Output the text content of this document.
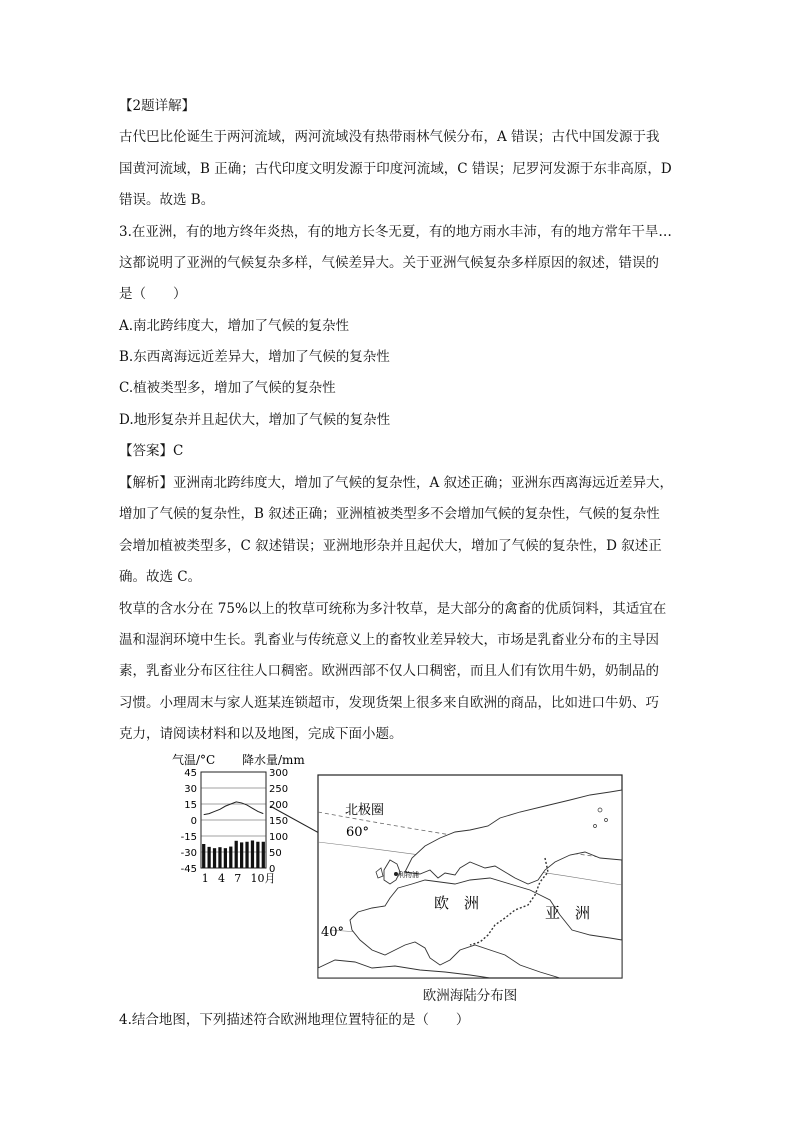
【2题详解】
古代巴比伦诞生于两河流域，两河流域没有热带雨林气候分布，A 错误；古代中国发源于我
国黄河流域，B 正确；古代印度文明发源于印度河流域，C 错误；尼罗河发源于东非高原，D
错误。故选 B。
3.在亚洲，有的地方终年炎热，有的地方长冬无夏，有的地方雨水丰沛，有的地方常年干旱…
这都说明了亚洲的气候复杂多样，气候差异大。关于亚洲气候复杂多样原因的叙述，错误的
是（　　）
A.南北跨纬度大，增加了气候的复杂性
B.东西离海远近差异大，增加了气候的复杂性
C.植被类型多，增加了气候的复杂性
D.地形复杂并且起伏大，增加了气候的复杂性
【答案】C
【解析】亚洲南北跨纬度大，增加了气候的复杂性，A 叙述正确；亚洲东西离海远近差异大，
增加了气候的复杂性，B 叙述正确；亚洲植被类型多不会增加气候的复杂性，气候的复杂性
会增加植被类型多，C 叙述错误；亚洲地形杂并且起伏大，增加了气候的复杂性，D 叙述正
确。故选 C。
牧草的含水分在 75%以上的牧草可统称为多汁牧草，是大部分的禽畜的优质饲料，其适宜在
温和湿润环境中生长。乳畜业与传统意义上的畜牧业差异较大，市场是乳畜业分布的主导因
素，乳畜业分布区往往人口稠密。欧洲西部不仅人口稠密，而且人们有饮用牛奶，奶制品的
习惯。小理周末与家人逛某连锁超市，发现货架上很多来自欧洲的商品，比如进口牛奶、巧
克力，请阅读材料和以及地图，完成下面小题。
气温/°C 降水量/mm
45
30
15
0
-15
-30
-45
300
250
200
150
100
50
0
1 4 7 10月
北极圈
60°
40°
欧　洲
亚　洲
利物浦
欧洲海陆分布图
4.结合地图，下列描述符合欧洲地理位置特征的是（　　）
